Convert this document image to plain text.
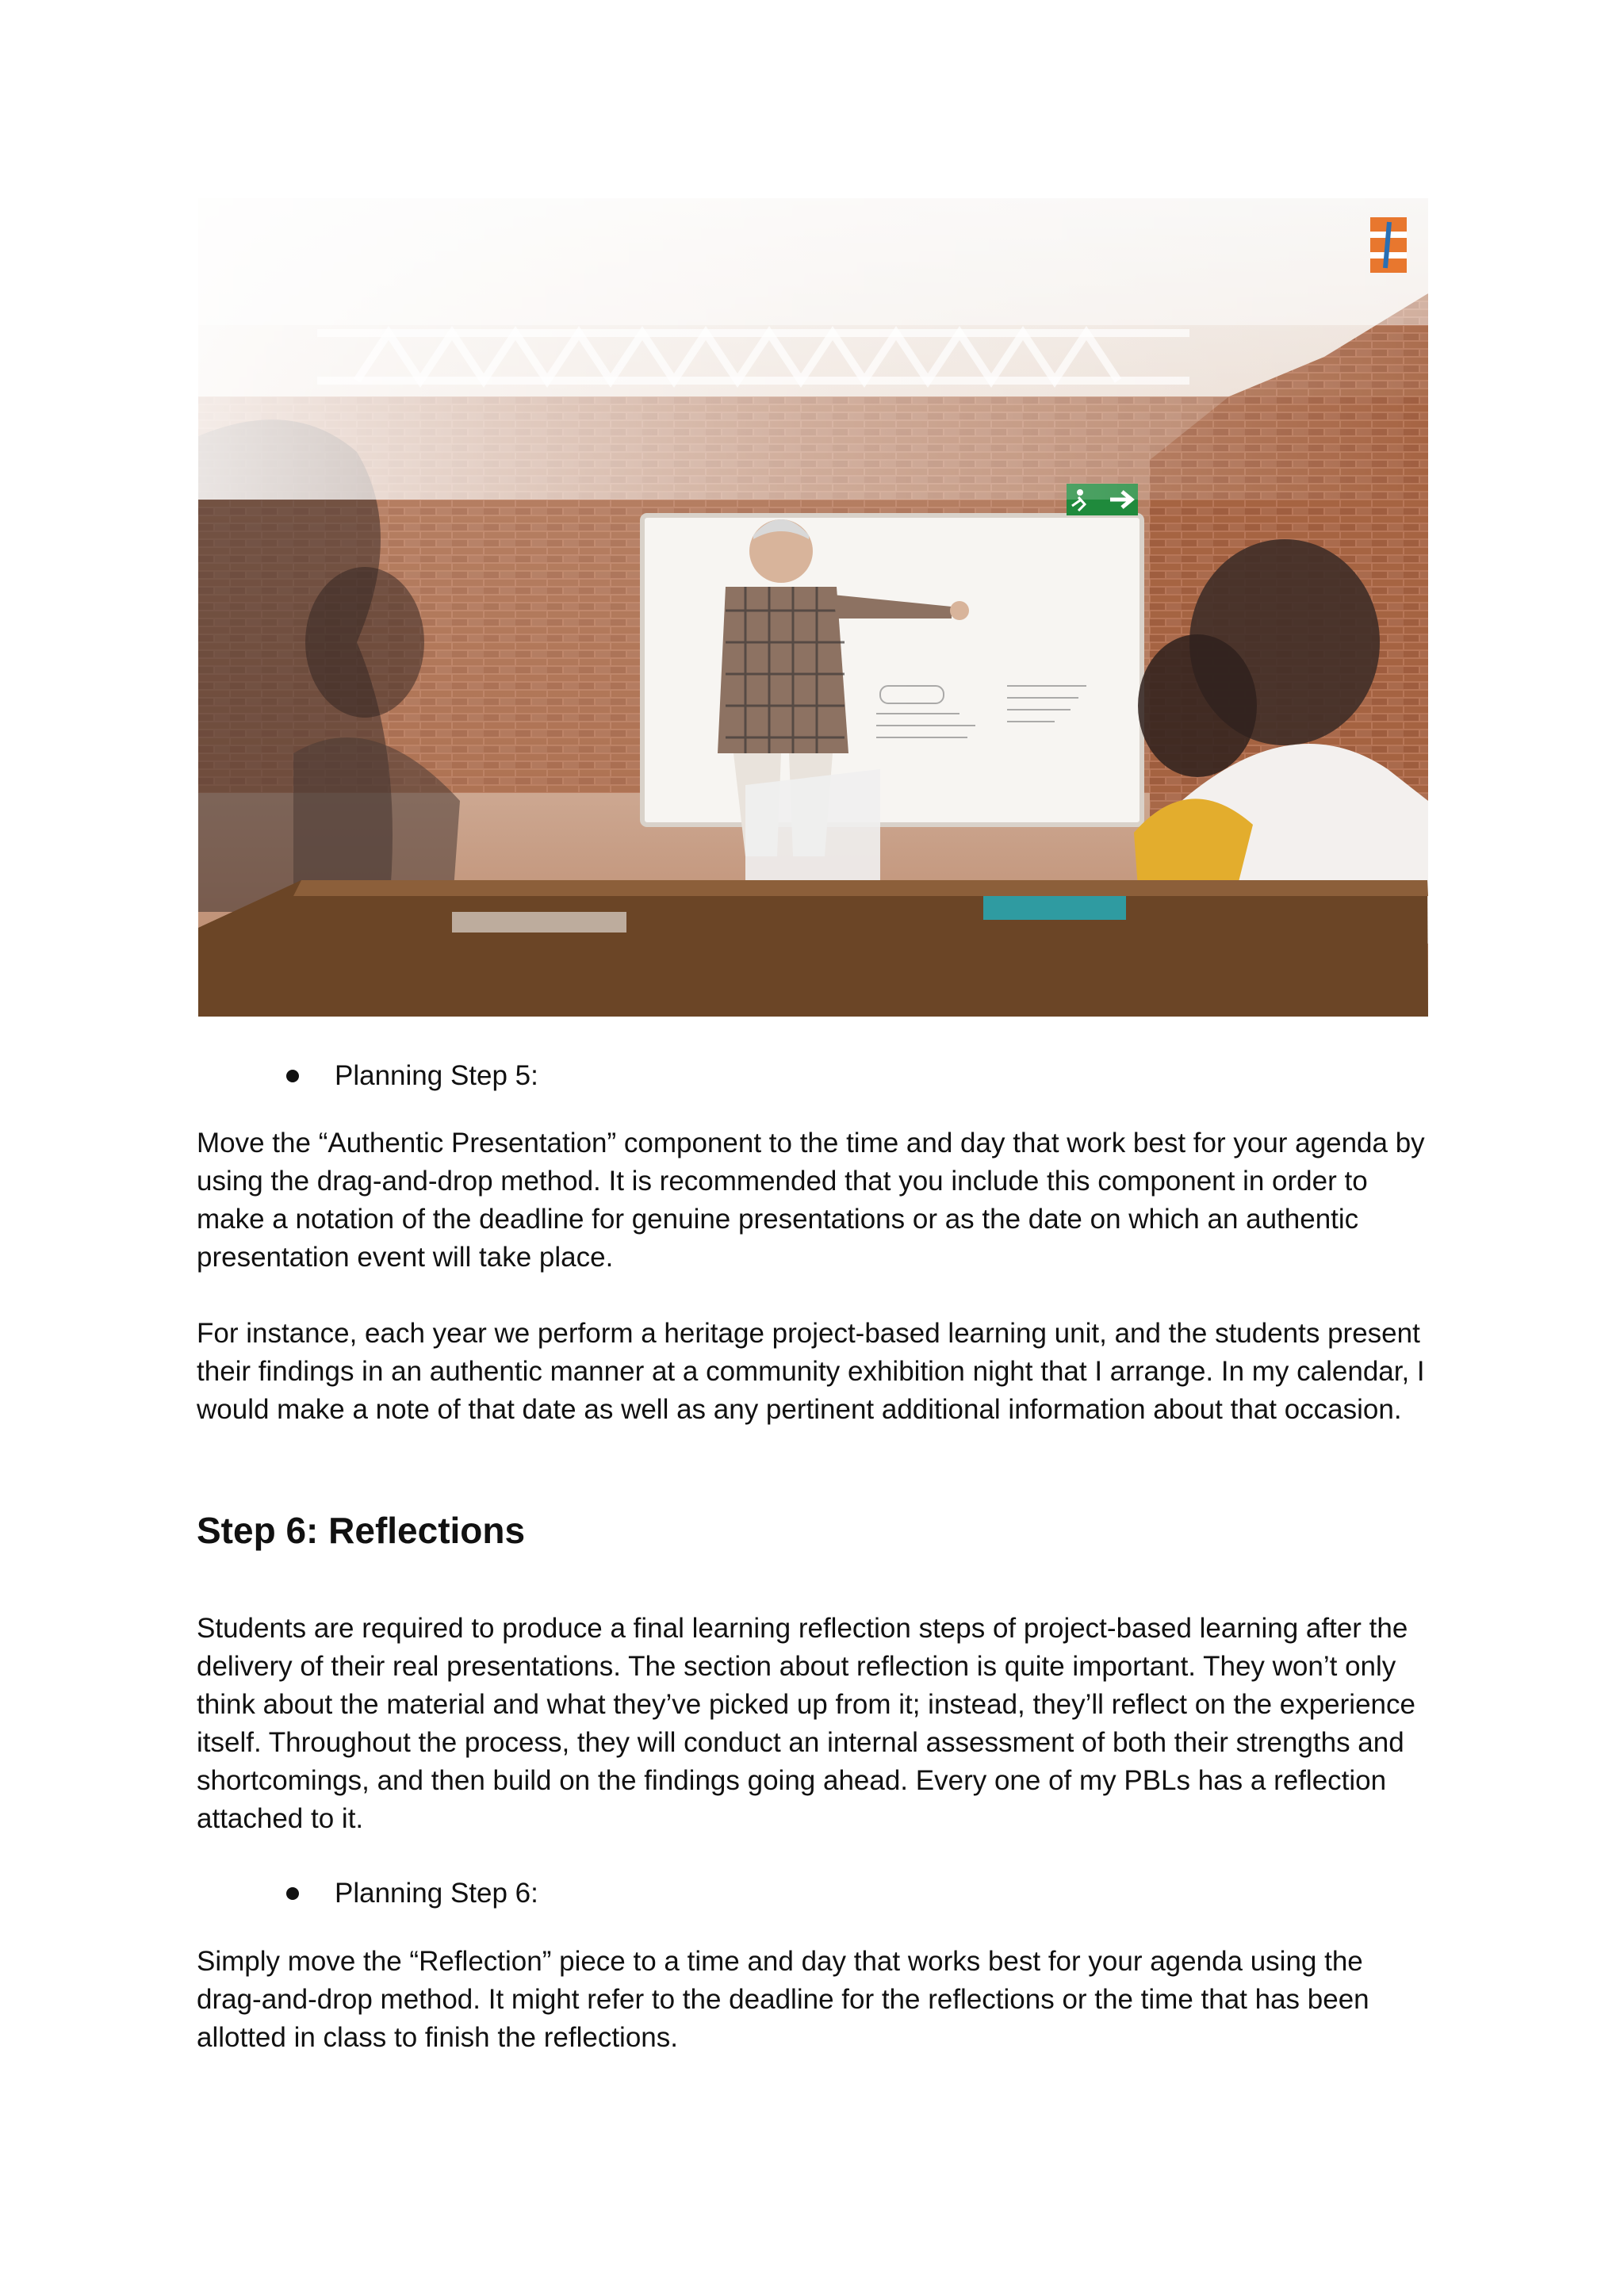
Planning Step 5:

Move the “Authentic Presentation” component to the time and day that work best for your agenda by using the drag-and-drop method. It is recommended that you include this component in order to make a notation of the deadline for genuine presentations or as the date on which an authentic presentation event will take place.

For instance, each year we perform a heritage project-based learning unit, and the students present their findings in an authentic manner at a community exhibition night that I arrange. In my calendar, I would make a note of that date as well as any pertinent additional information about that occasion.

Step 6: Reflections

Students are required to produce a final learning reflection steps of project-based learning after the delivery of their real presentations. The section about reflection is quite important. They won’t only think about the material and what they’ve picked up from it; instead, they’ll reflect on the experience itself. Throughout the process, they will conduct an internal assessment of both their strengths and shortcomings, and then build on the findings going ahead. Every one of my PBLs has a reflection attached to it.

Planning Step 6:

Simply move the “Reflection” piece to a time and day that works best for your agenda using the drag-and-drop method. It might refer to the deadline for the reflections or the time that has been allotted in class to finish the reflections.
